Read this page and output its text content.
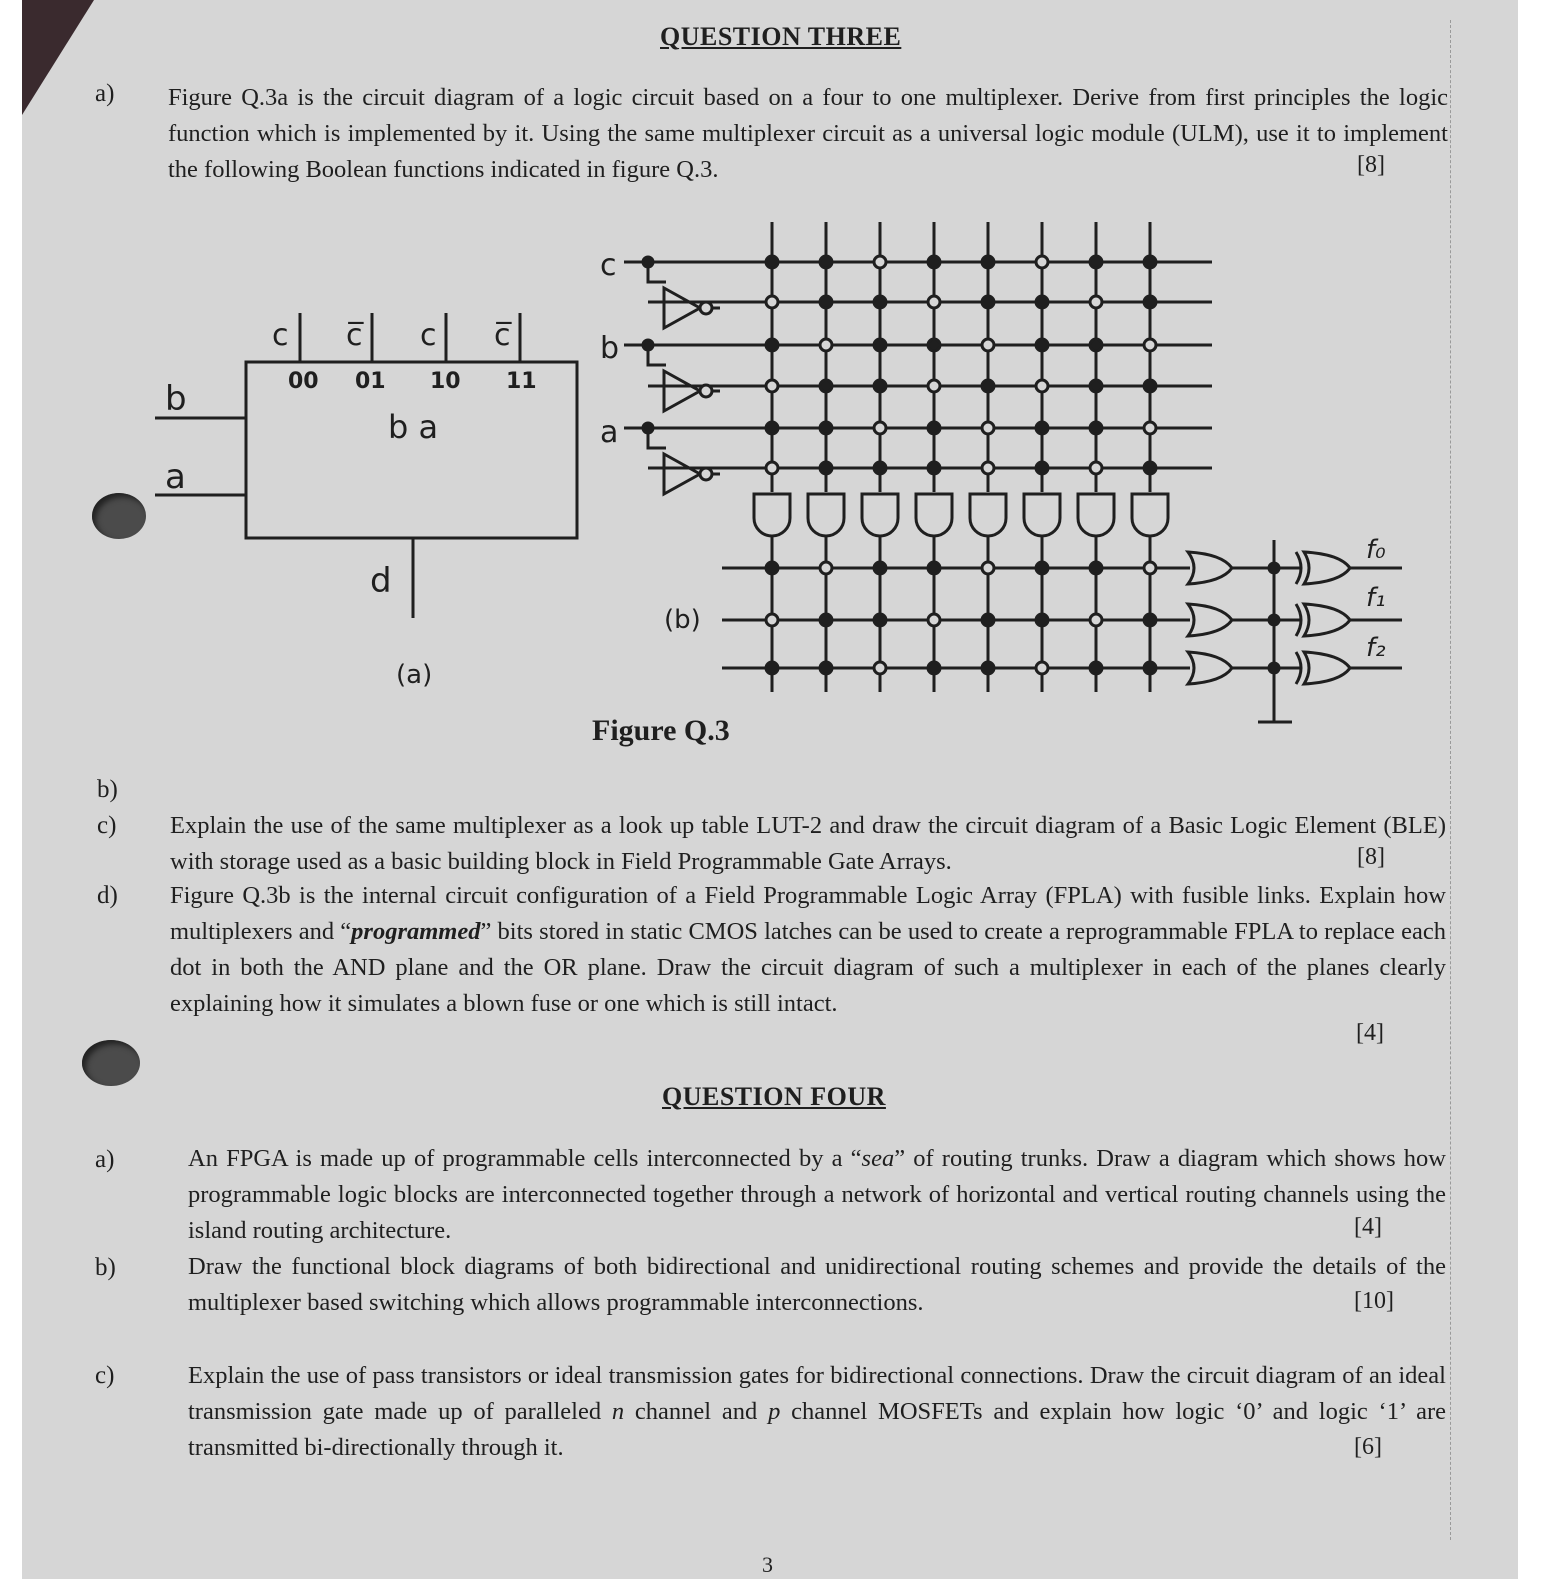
QUESTION THREE
a) Figure Q.3a is the circuit diagram of a logic circuit based on a four to one multiplexer. Derive from first principles the logic function which is implemented by it. Using the same multiplexer circuit as a universal logic module (ULM), use it to implement the following Boolean functions indicated in figure Q.3.	[8]
c c̅ c c̅
00 01 10 11
b a
b
a
d
(a)
c
b
a
f₀
f₁
f₂
(b)
Figure Q.3
b)
c) Explain the use of the same multiplexer as a look up table LUT-2 and draw the circuit diagram of a Basic Logic Element (BLE) with storage used as a basic building block in Field Programmable Gate Arrays.	[8]
d) Figure Q.3b is the internal circuit configuration of a Field Programmable Logic Array (FPLA) with fusible links. Explain how multiplexers and “programmed” bits stored in static CMOS latches can be used to create a reprogrammable FPLA to replace each dot in both the AND plane and the OR plane. Draw the circuit diagram of such a multiplexer in each of the planes clearly explaining how it simulates a blown fuse or one which is still intact.
[4]
QUESTION FOUR
a)	An FPGA is made up of programmable cells interconnected by a “sea” of routing trunks. Draw a diagram which shows how programmable logic blocks are interconnected together through a network of horizontal and vertical routing channels using the island routing architecture.	[4]
b)	Draw the functional block diagrams of both bidirectional and unidirectional routing schemes and provide the details of the multiplexer based switching which allows programmable interconnections.	[10]
c)	Explain the use of pass transistors or ideal transmission gates for bidirectional connections. Draw the circuit diagram of an ideal transmission gate made up of paralleled n channel and p channel MOSFETs and explain how logic ‘0’ and logic ‘1’ are transmitted bi-directionally through it.	[6]
3
